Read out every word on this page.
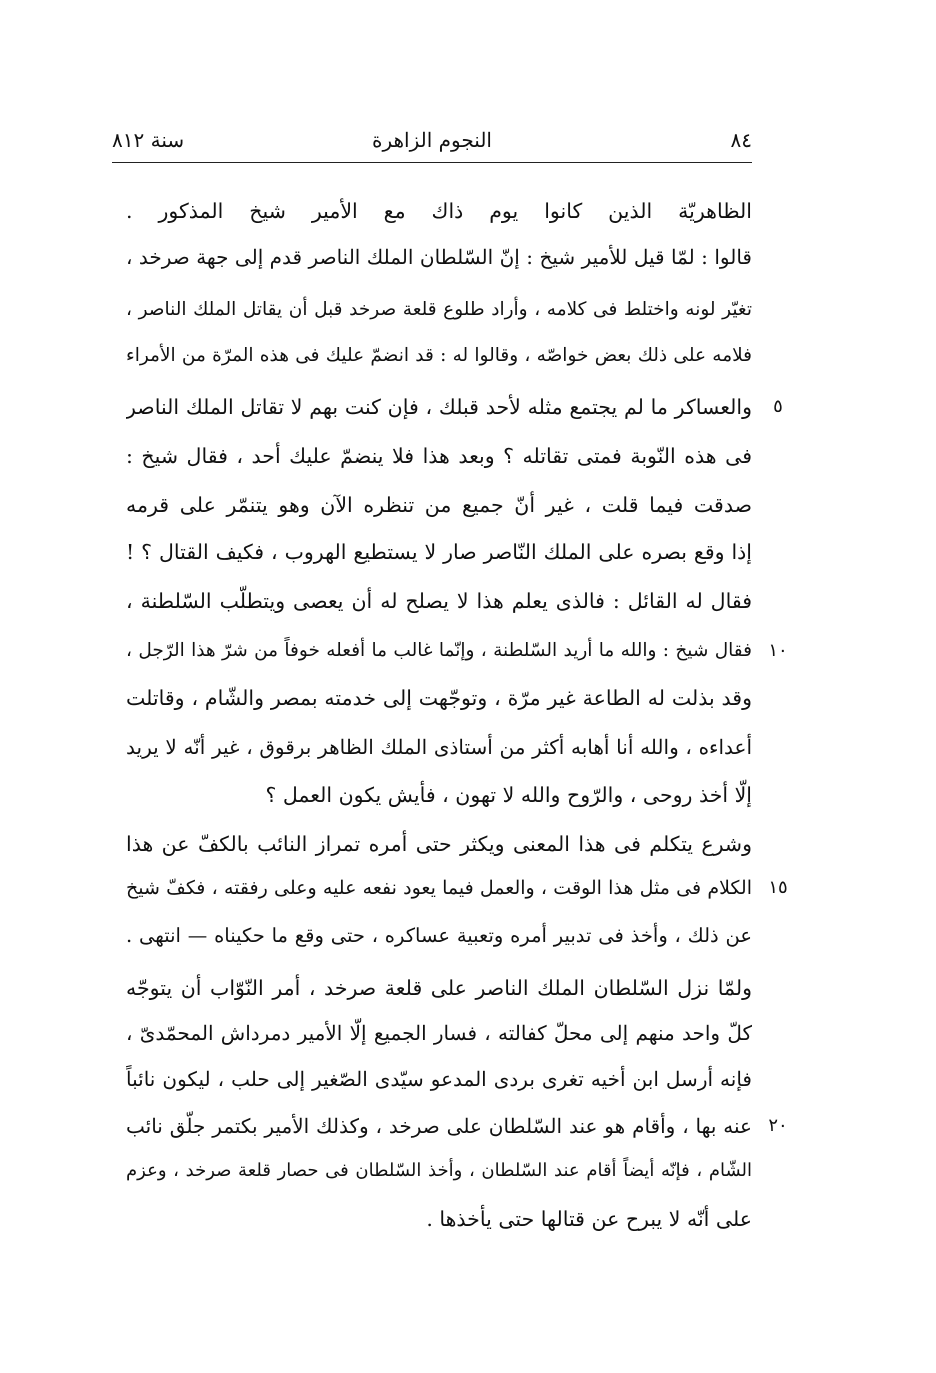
٨٤
النجوم الزاهرة
سنة ٨١٢
الظاهريّة الذين كانوا يوم ذاك مع الأمير شيخ المذكور .
قالوا : لمّا قيل للأمير شيخ : إنّ السّلطان الملك الناصر قدم إلى جهة صرخد ،
تغيّر لونه واختلط فى كلامه ، وأراد طلوع قلعة صرخد قبل أن يقاتل الملك الناصر ،
فلامه على ذلك بعض خواصّه ، وقالوا له : قد انضمّ عليك فى هذه المرّة من الأمراء
والعساكر ما لم يجتمع مثله لأحد قبلك ، فإن كنت بهم لا تقاتل الملك الناصر
فى هذه النّوبة فمتى تقاتله ؟ وبعد هذا فلا ينضمّ عليك أحد ، فقال شيخ :
صدقت فيما قلت ، غير أنّ جميع من تنظره الآن وهو يتنمّر على قرمه
إذا وقع بصره على الملك النّاصر صار لا يستطيع الهروب ، فكيف القتال ؟ !
فقال له القائل : فالذى يعلم هذا لا يصلح له أن يعصى ويتطلّب السّلطنة ،
فقال شيخ : والله ما أريد السّلطنة ، وإنّما غالب ما أفعله خوفاً من شرّ هذا الرّجل ،
وقد بذلت له الطاعة غير مرّة ، وتوجّهت إلى خدمته بمصر والشّام ، وقاتلت
أعداءه ، والله أنا أهابه أكثر من أستاذى الملك الظاهر برقوق ، غير أنّه لا يريد
إلّا أخذ روحى ، والرّوح والله لا تهون ، فأيش يكون العمل ؟
وشرع يتكلم فى هذا المعنى ويكثر حتى أمره تمراز النائب بالكفّ عن هذا
الكلام فى مثل هذا الوقت ، والعمل فيما يعود نفعه عليه وعلى رفقته ، فكفّ شيخ
عن ذلك ، وأخذ فى تدبير أمره وتعبية عساكره ، حتى وقع ما حكيناه — انتهى .
ولمّا نزل السّلطان الملك الناصر على قلعة صرخد ، أمر النّوّاب أن يتوجّه
كلّ واحد منهم إلى محلّ كفالته ، فسار الجميع إلّا الأمير دمرداش المحمّدىّ ،
فإنه أرسل ابن أخيه تغرى بردى المدعو سيّدى الصّغير إلى حلب ، ليكون نائباً
عنه بها ، وأقام هو عند السّلطان على صرخد ، وكذلك الأمير بكتمر جلّق نائب
الشّام ، فإنّه أيضاً أقام عند السّلطان ، وأخذ السّلطان فى حصار قلعة صرخد ، وعزم
على أنّه لا يبرح عن قتالها حتى يأخذها .
٥
١٠
١٥
٢٠
